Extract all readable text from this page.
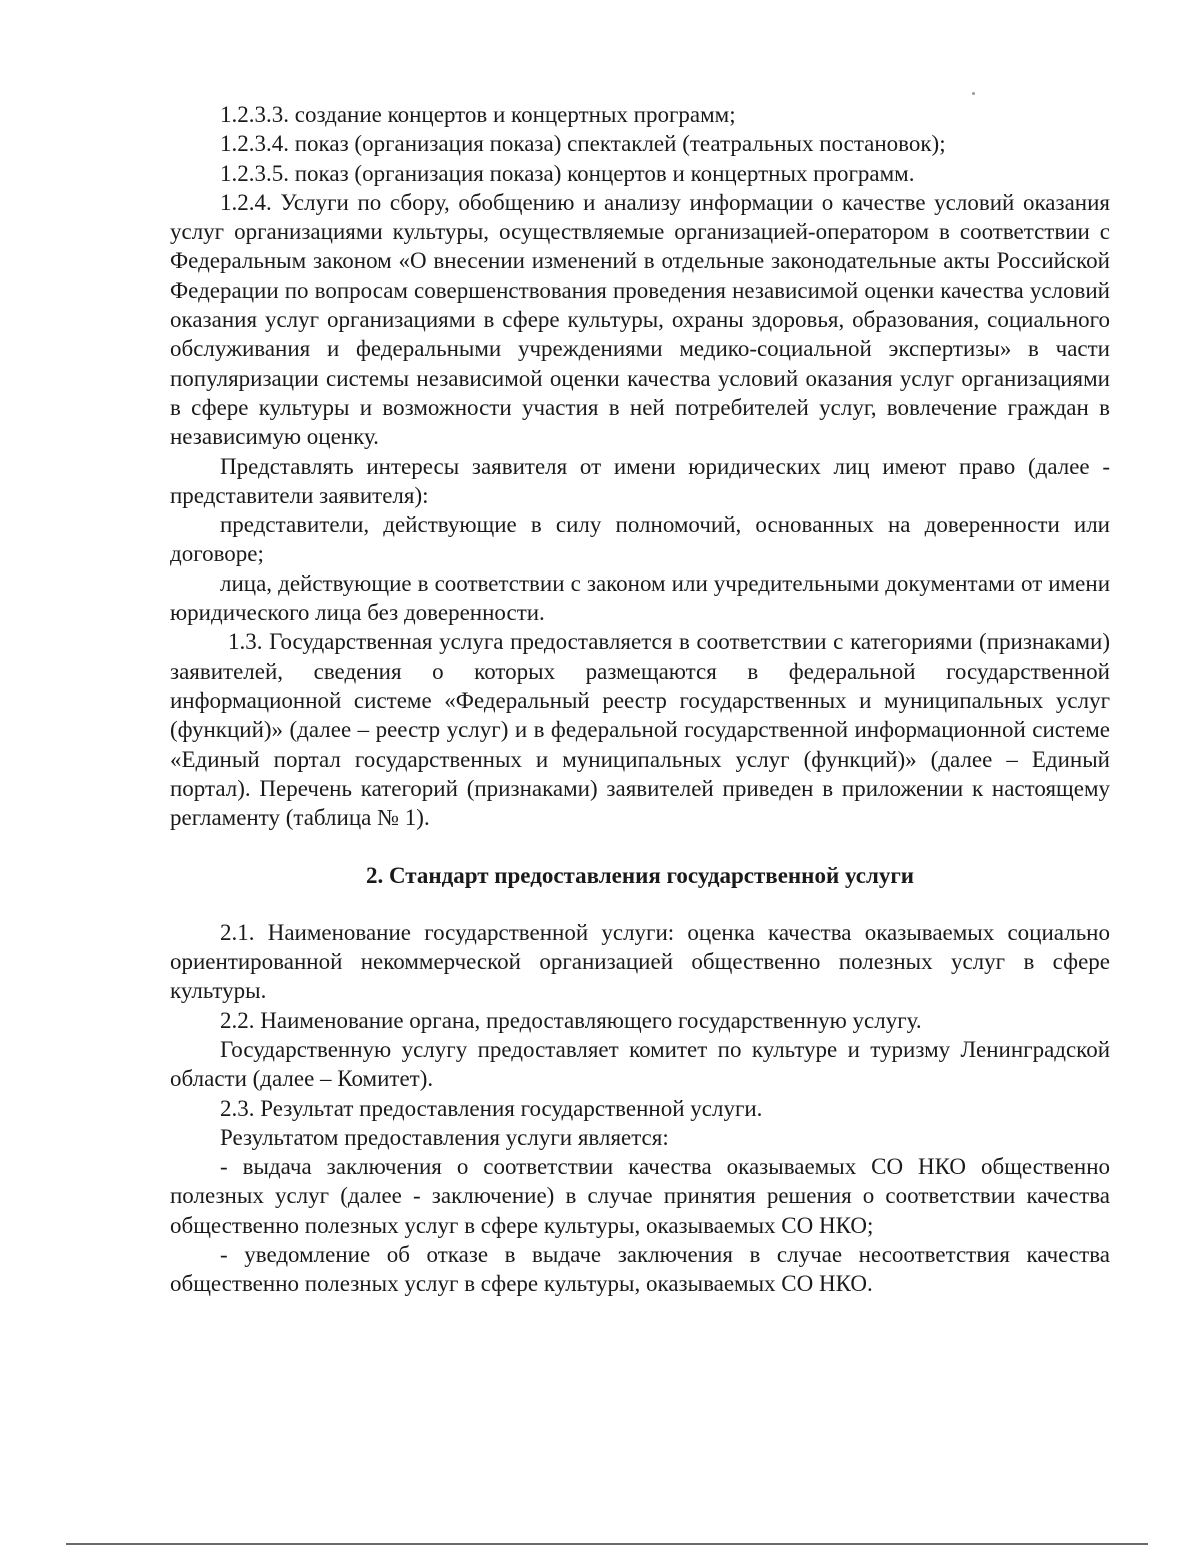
1.2.3.3. создание концертов и концертных программ;

1.2.3.4. показ (организация показа) спектаклей (театральных постановок);

1.2.3.5. показ (организация показа) концертов и концертных программ.

1.2.4. Услуги по сбору, обобщению и анализу информации о качестве условий оказания услуг организациями культуры, осуществляемые организацией-оператором в соответствии с Федеральным законом «О внесении изменений в отдельные законодательные акты Российской Федерации по вопросам совершенствования проведения независимой оценки качества условий оказания услуг организациями в сфере культуры, охраны здоровья, образования, социального обслуживания и федеральными учреждениями медико-социальной экспертизы» в части популяризации системы независимой оценки качества условий оказания услуг организациями в сфере культуры и возможности участия в ней потребителей услуг, вовлечение граждан в независимую оценку.

Представлять интересы заявителя от имени юридических лиц имеют право (далее - представители заявителя):

представители, действующие в силу полномочий, основанных на доверенности или договоре;

лица, действующие в соответствии с законом или учредительными документами от имени юридического лица без доверенности.

1.3. Государственная услуга предоставляется в соответствии с категориями (признаками) заявителей, сведения о которых размещаются в федеральной государственной информационной системе «Федеральный реестр государственных и муниципальных услуг (функций)» (далее – реестр услуг) и в федеральной государственной информационной системе «Единый портал государственных и муниципальных услуг (функций)» (далее – Единый портал). Перечень категорий (признаками) заявителей приведен в приложении к настоящему регламенту (таблица № 1).

2. Стандарт предоставления государственной услуги

2.1. Наименование государственной услуги: оценка качества оказываемых социально ориентированной некоммерческой организацией общественно полезных услуг в сфере культуры.

2.2. Наименование органа, предоставляющего государственную услугу.

Государственную услугу предоставляет комитет по культуре и туризму Ленинградской области (далее – Комитет).

2.3. Результат предоставления государственной услуги.

Результатом предоставления услуги является:

- выдача заключения о соответствии качества оказываемых СО НКО общественно полезных услуг (далее - заключение) в случае принятия решения о соответствии качества общественно полезных услуг в сфере культуры, оказываемых СО НКО;

- уведомление об отказе в выдаче заключения в случае несоответствия качества общественно полезных услуг в сфере культуры, оказываемых СО НКО.
